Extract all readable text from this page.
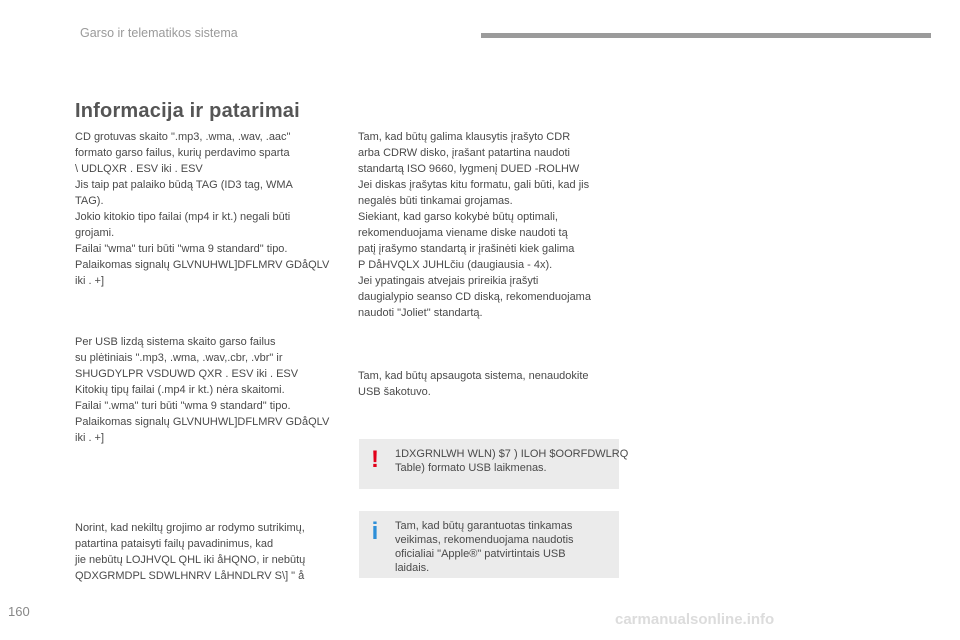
Garso ir telematikos sistema
Informacija ir patarimai
CD grotuvas skaito ".mp3, .wma, .wav, .aac"
formato garso failus, kurių perdavimo sparta
\ UDLQXR . ESV iki . ESV
Jis taip pat palaiko būdą TAG (ID3 tag, WMA
TAG).
Jokio kitokio tipo failai (mp4 ir kt.) negali būti
grojami.
Failai "wma" turi būti "wma 9 standard" tipo.
Palaikomas signalų GLVNUHWL]DFLMRV GDåQLV
iki . +]
Per USB lizdą sistema skaito garso failus
su plėtiniais ".mp3, .wma, .wav,.cbr, .vbr" ir
SHUGDYLPR VSDUWD QXR . ESV iki . ESV
Kitokių tipų failai (.mp4 ir kt.) nėra skaitomi.
Failai ".wma" turi būti "wma 9 standard" tipo.
Palaikomas signalų GLVNUHWL]DFLMRV GDåQLV
iki . +]
Norint, kad nekiltų grojimo ar rodymo sutrikimų,
patartina pataisyti failų pavadinimus, kad
jie nebūtų LOJHVQL QHL iki åHQNO, ir nebūtų
QDXGRMDPL SDWLHNRV LåHNDLRV S\] " å
Tam, kad būtų galima klausytis įrašyto CDR
arba CDRW disko, įrašant patartina naudoti
standartą ISO 9660, lygmenį DUED -ROLHW
Jei diskas įrašytas kitu formatu, gali būti, kad jis
negalės būti tinkamai grojamas.
Siekiant, kad garso kokybė būtų optimali,
rekomenduojama viename diske naudoti tą
patį įrašymo standartą ir įrašinėti kiek galima
P DåHVQLX JUHLčiu (daugiausia - 4x).
Jei ypatingais atvejais prireikia įrašyti
daugialypio seanso CD diską, rekomenduojama
naudoti "Joliet" standartą.
Tam, kad būtų apsaugota sistema, nenaudokite
USB šakotuvo.
! 1DXGRNLWH WLN) $7 ) ILOH $OORFDWLRQ
Table) formato USB laikmenas.
i Tam, kad būtų garantuotas tinkamas
veikimas, rekomenduojama naudotis
oficialiai "Apple®" patvirtintais USB
laidais.
160	carmanualsonline.info
